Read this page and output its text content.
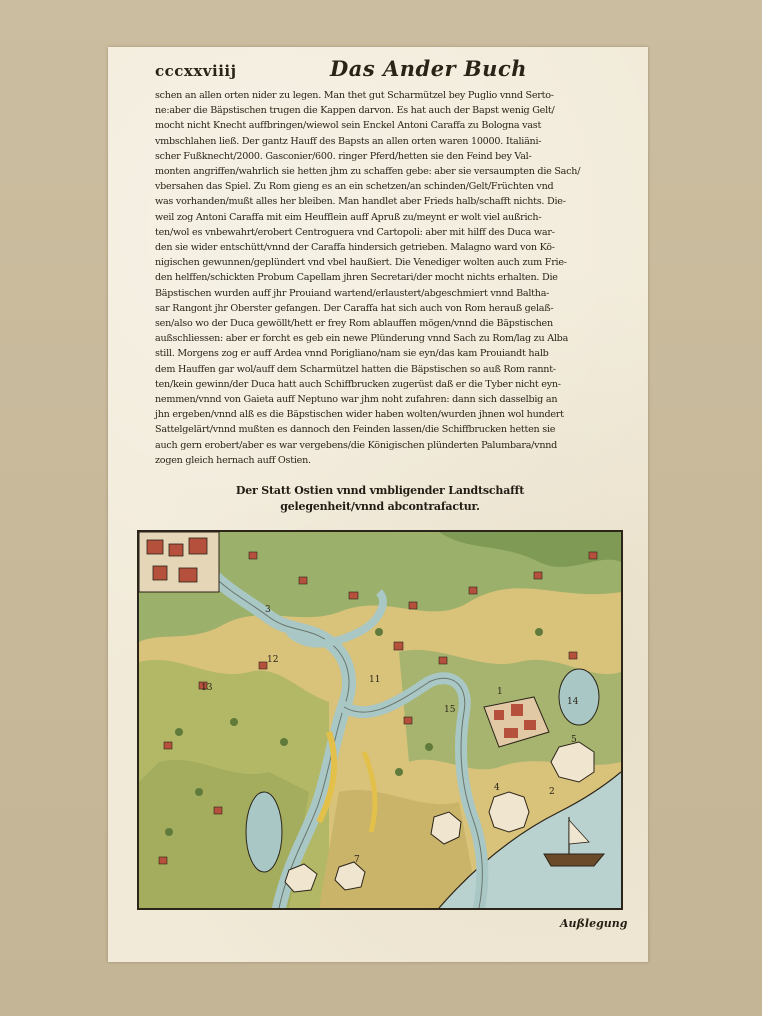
cccxxviiij	Das Ander Buch
schen an allen orten nider zu legen. Man thet gut Scharmützel bey Puglio vnnd Serto-
ne:aber die Bäpstischen trugen die Kappen darvon. Es hat auch der Bapst wenig Gelt/
mocht nicht Knecht auffbringen/wiewol sein Enckel Antoni Caraffa zu Bologna vast
vmbschlahen ließ. Der gantz Hauff des Bapsts an allen orten waren 10000. Italiäni-
scher Fußknecht/2000. Gasconier/600. ringer Pferd/hetten sie den Feind bey Val-
monten angriffen/wahrlich sie hetten jhm zu schaffen gebe: aber sie versaumpten die Sach/
vbersahen das Spiel. Zu Rom gieng es an ein schetzen/an schinden/Gelt/Früchten vnd
was vorhanden/mußt alles her bleiben. Man handlet aber Frieds halb/schafft nichts. Die-
weil zog Antoni Caraffa mit eim Heufflein auff Apruß zu/meynt er wolt viel außrich-
ten/wol es vnbewahrt/erobert Centroguera vnd Cartopoli: aber mit hilff des Duca war-
den sie wider entschütt/vnnd der Caraffa hindersich getrieben. Malagno ward von Kö-
nigischen gewunnen/geplündert vnd vbel haußiert. Die Venediger wolten auch zum Frie-
den helffen/schickten Probum Capellam jhren Secretari/der mocht nichts erhalten. Die
Bäpstischen wurden auff jhr Prouiand wartend/erlaustert/abgeschmiert vnnd Baltha-
sar Rangont jhr Oberster gefangen. Der Caraffa hat sich auch von Rom herauß gelaß-
sen/also wo der Duca gewöllt/hett er frey Rom ablauffen mögen/vnnd die Bäpstischen
außschliessen: aber er forcht es geb ein newe Plünderung vnnd Sach zu Rom/lag zu Alba
still. Morgens zog er auff Ardea vnnd Porigliano/nam sie eyn/das kam Prouiandt halb
dem Hauffen gar wol/auff dem Scharmützel hatten die Bäpstischen so auß Rom rannt-
ten/kein gewinn/der Duca hatt auch Schiffbrucken zugerüst daß er die Tyber nicht eyn-
nemmen/vnnd von Gaieta auff Neptuno war jhm noht zufahren: dann sich dasselbig an
jhn ergeben/vnnd alß es die Bäpstischen wider haben wolten/wurden jhnen wol hundert
Sattelgelärt/vnnd mußten es dannoch den Feinden lassen/die Schiffbrucken hetten sie
auch gern erobert/aber es war vergebens/die Königischen plünderten Palumbara/vnnd
zogen gleich hernach auff Ostien.
Der Statt Ostien vnnd vmbligender Landtschafft
gelegenheit/vnnd abcontrafactur.
1
2
3
4
5
7
11
12
13
14
15
Außlegung
